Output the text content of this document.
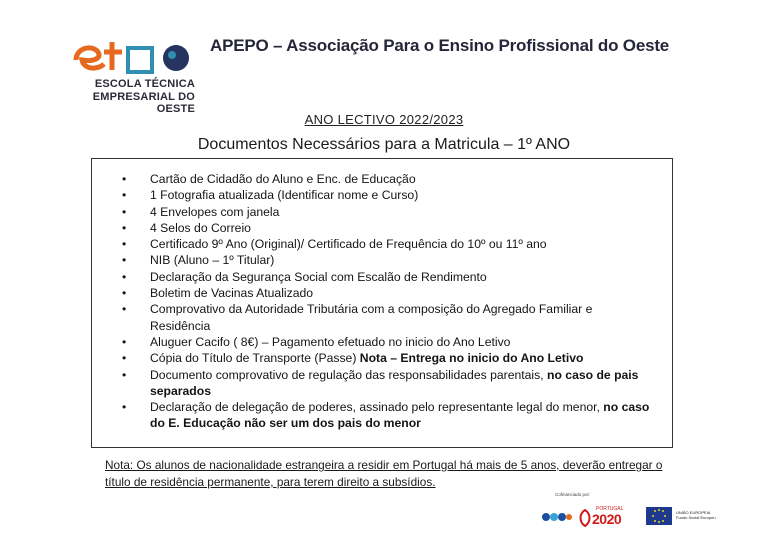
ESCOLA TÉCNICA
EMPRESARIAL DO OESTE
APEPO – Associação Para o Ensino Profissional do Oeste
ANO LECTIVO 2022/2023
Documentos Necessários para a Matricula – 1º ANO
• Cartão de Cidadão do Aluno e Enc. de Educação
• 1 Fotografia atualizada (Identificar nome e Curso)
• 4 Envelopes com janela
• 4 Selos do Correio
• Certificado 9º Ano (Original)/ Certificado de Frequência do 10º ou 11º ano
• NIB (Aluno – 1º Titular)
• Declaração da Segurança Social com Escalão de Rendimento
• Boletim de Vacinas Atualizado
• Comprovativo da Autoridade Tributária com a composição do Agregado Familiar e Residência
• Aluguer Cacifo ( 8€) – Pagamento efetuado no inicio do Ano Letivo
• Cópia do Título de Transporte (Passe) Nota – Entrega no inicio do Ano Letivo
• Documento comprovativo de regulação das responsabilidades parentais, no caso de pais separados
• Declaração de delegação de poderes, assinado pelo representante legal do menor, no caso do E. Educação não ser um dos pais do menor
Nota: Os alunos de nacionalidade estrangeira a residir em Portugal há mais de 5 anos, deverão entregar o título de residência permanente, para terem direito a subsídios.
Cofinanciado por:
PORTUGAL
2020	UNIÃO EUROPEIA Fundo Social Europeu
